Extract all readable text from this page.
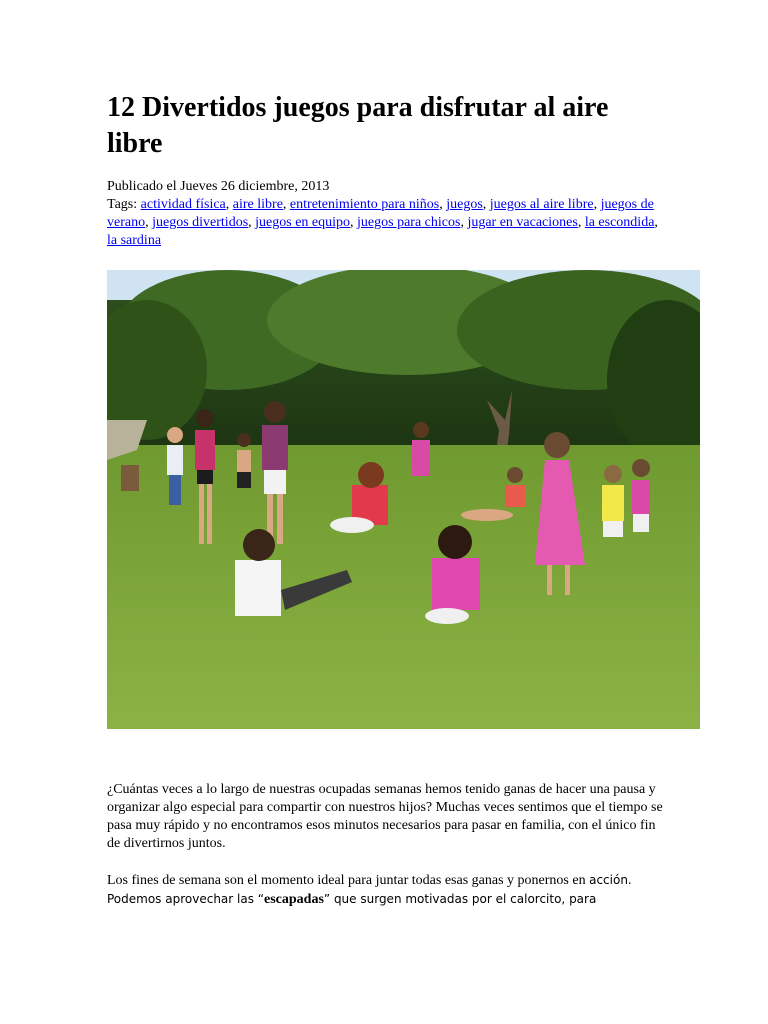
12 Divertidos juegos para disfrutar al aire libre
Publicado el Jueves 26 diciembre, 2013
Tags: actividad física, aire libre, entretenimiento para niños, juegos, juegos al aire libre, juegos de verano, juegos divertidos, juegos en equipo, juegos para chicos, jugar en vacaciones, la escondida, la sardina

¿Cuántas veces a lo largo de nuestras ocupadas semanas hemos tenido ganas de hacer una pausa y organizar algo especial para compartir con nuestros hijos? Muchas veces sentimos que el tiempo se pasa muy rápido y no encontramos esos minutos necesarios para pasar en familia, con el único fin de divertirnos juntos.

Los fines de semana son el momento ideal para juntar todas esas ganas y ponernos en acción. Podemos aprovechar las “escapadas” que surgen motivadas por el calorcito, para
